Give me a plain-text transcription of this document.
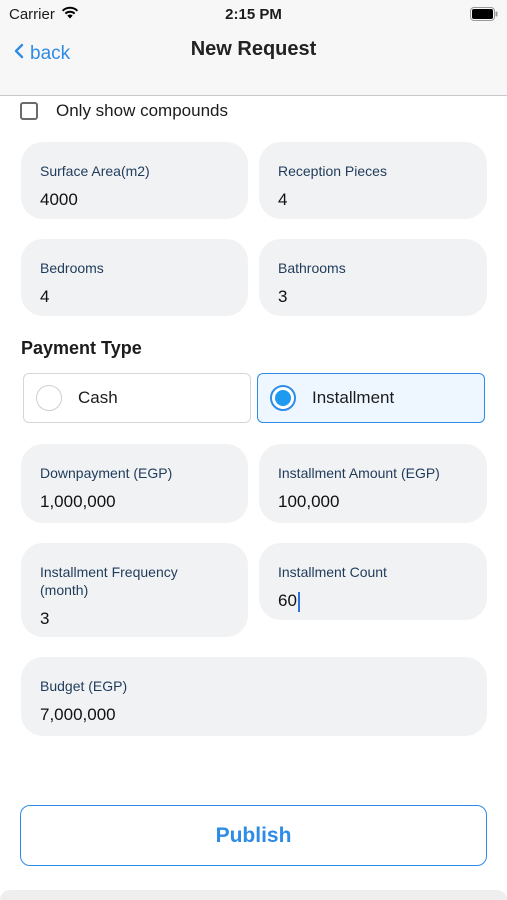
Carrier	2:15 PM
back	New Request
Only show compounds
Surface Area(m2)
4000
Reception Pieces
4
Bedrooms
4
Bathrooms
3
Payment Type
Cash	Installment
Downpayment (EGP)
1,000,000
Installment Amount (EGP)
100,000
Installment Frequency (month)
3
Installment Count
60
Budget (EGP)
7,000,000
Publish
